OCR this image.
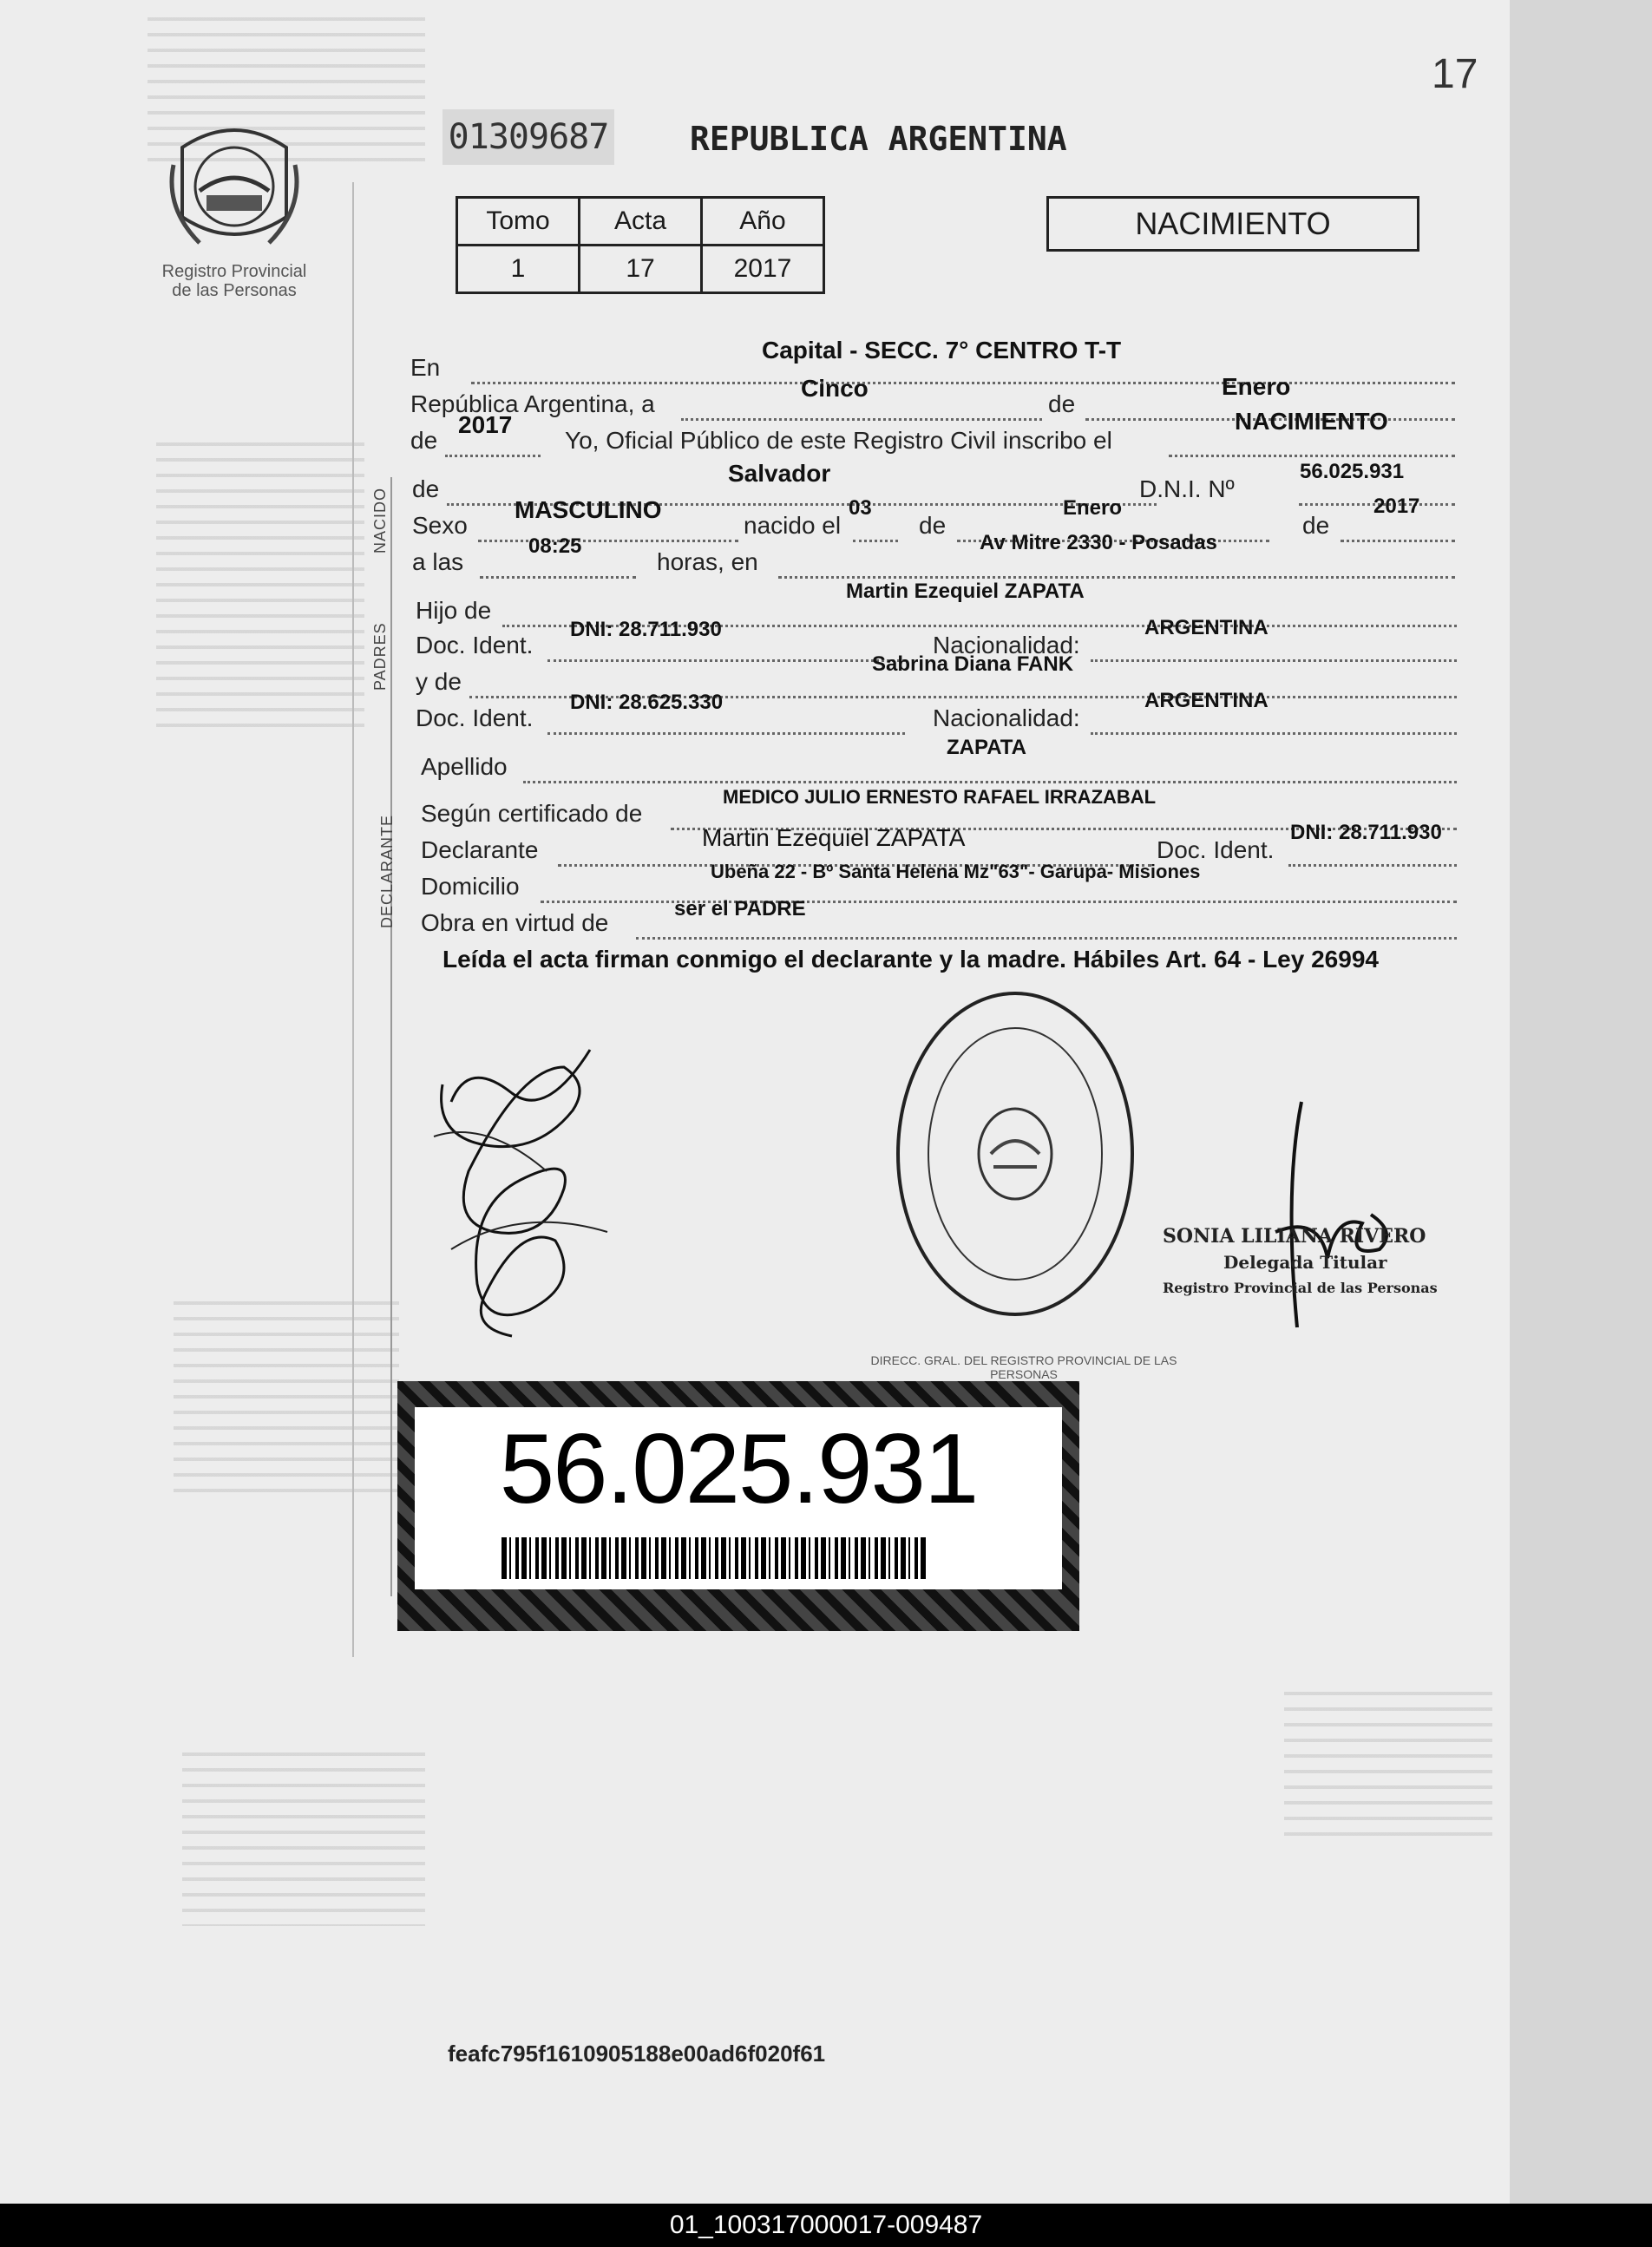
17
01309687 REPUBLICA ARGENTINA
Registro Provincial
de las Personas
Tomo	Acta	Año
1	17	2017
NACIMIENTO
NACIDO
PADRES
DECLARANTE
En
Capital - SECC. 7° CENTRO T-T
República Argentina, a
Cinco
de
Enero
de
2017
Yo, Oficial Público de este Registro Civil inscribo el
NACIMIENTO
de
Salvador
D.N.I. Nº
56.025.931
Sexo
MASCULINO
nacido el
03
de
Enero
de
2017
a las
08:25
horas, en
Av Mitre 2330 - Posadas
Hijo de
Martin Ezequiel ZAPATA
Doc. Ident.
DNI: 28.711.930
Nacionalidad:
ARGENTINA
y de
Sabrina Diana FANK
Doc. Ident.
DNI: 28.625.330
Nacionalidad:
ARGENTINA
Apellido
ZAPATA
Según certificado de
MEDICO JULIO ERNESTO RAFAEL IRRAZABAL
Declarante	Martin Ezequiel ZAPATA	Doc. Ident.
DNI: 28.711.930
Domicilio
Ubeña 22 - Bº Santa Helena Mz"63"- Garupa- Misiones
Obra en virtud de
ser el PADRE
Leída el acta firman conmigo el declarante y la madre. Hábiles Art. 64 - Ley 26994
DIRECC. GRAL. DEL REGISTRO PROVINCIAL DE LAS PERSONAS
SONIA LILIANA RIVERO
Delegada Titular
Registro Provincial de las Personas
56.025.931
feafc795f1610905188e00ad6f020f61
01_100317000017-009487
